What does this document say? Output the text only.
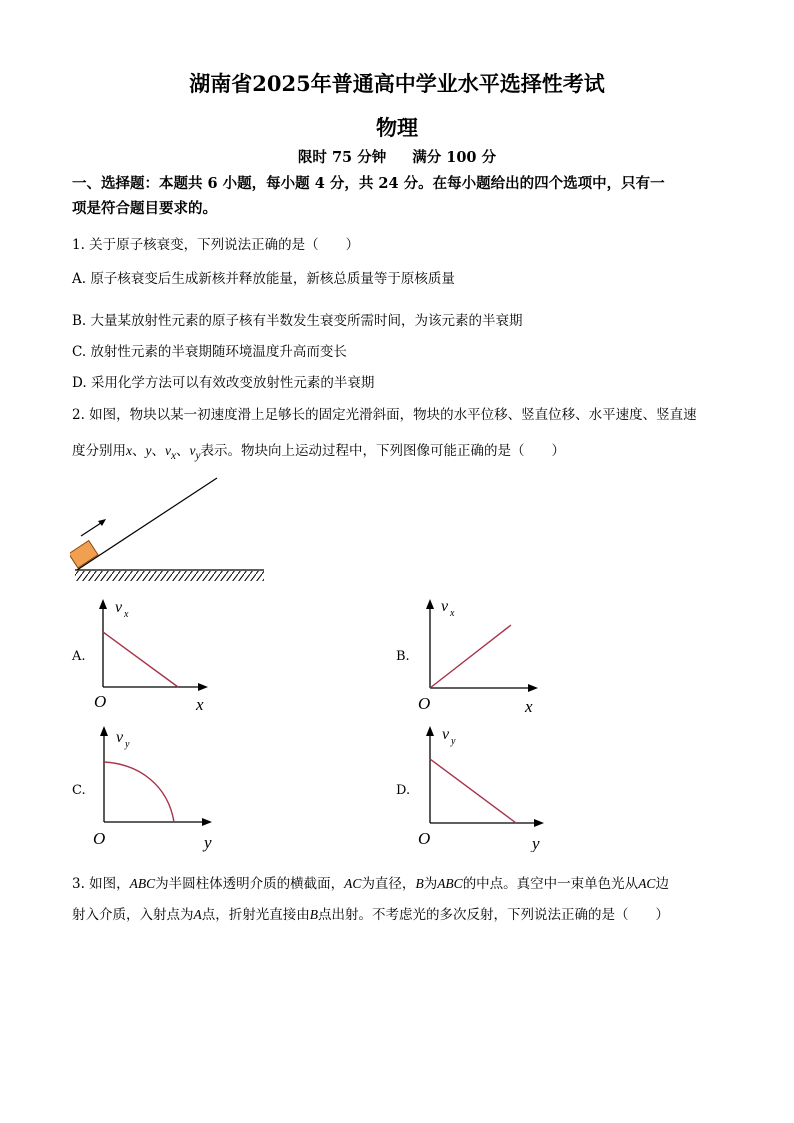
湖南省2025年普通高中学业水平选择性考试
物理
限时 75 分钟 满分 100 分
一、选择题：本题共 6 小题，每小题 4 分，共 24 分。在每小题给出的四个选项中，只有一
项是符合题目要求的。
1. 关于原子核衰变，下列说法正确的是（　　）
A. 原子核衰变后生成新核并释放能量，新核总质量等于原核质量
B. 大量某放射性元素的原子核有半数发生衰变所需时间，为该元素的半衰期
C. 放射性元素的半衰期随环境温度升高而变长
D. 采用化学方法可以有效改变放射性元素的半衰期
2. 如图，物块以某一初速度滑上足够长的固定光滑斜面，物块的水平位移、竖直位移、水平速度、竖直速
度分别用x、y、$v_x$、$v_y$表示。物块向上运动过程中，下列图像可能正确的是（　　）
A.
v x
O	x
B.
v x
O	x
C.
v y
O	y
D.
v y
O	y
3. 如图，ABC为半圆柱体透明介质的横截面，AC为直径，B为ABC的中点。真空中一束单色光从AC边
射入介质，入射点为A点，折射光直接由B点出射。不考虑光的多次反射，下列说法正确的是（　　）
